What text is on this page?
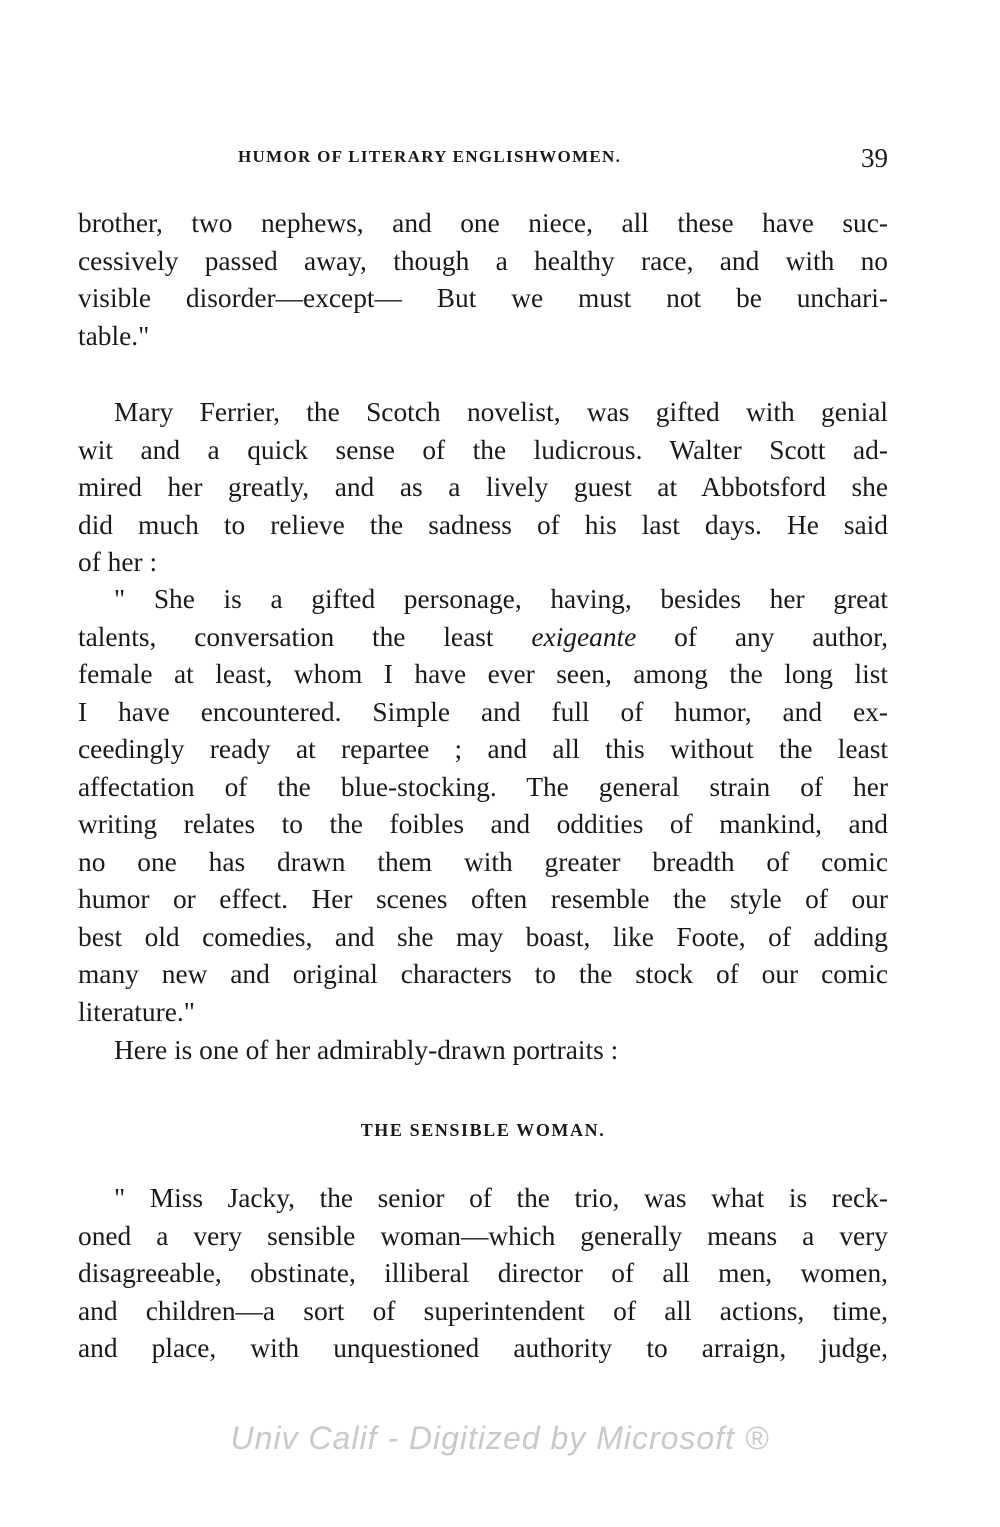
HUMOR OF LITERARY ENGLISHWOMEN.	39

brother, two nephews, and one niece, all these have suc-
cessively passed away, though a healthy race, and with no
visible disorder—except— But we must not be unchari-
table."

Mary Ferrier, the Scotch novelist, was gifted with genial
wit and a quick sense of the ludicrous. Walter Scott ad-
mired her greatly, and as a lively guest at Abbotsford she
did much to relieve the sadness of his last days. He said
of her :

" She is a gifted personage, having, besides her great
talents, conversation the least exigeante of any author,
female at least, whom I have ever seen, among the long list
I have encountered. Simple and full of humor, and ex-
ceedingly ready at repartee ; and all this without the least
affectation of the blue-stocking. The general strain of her
writing relates to the foibles and oddities of mankind, and
no one has drawn them with greater breadth of comic
humor or effect. Her scenes often resemble the style of our
best old comedies, and she may boast, like Foote, of adding
many new and original characters to the stock of our comic
literature."

Here is one of her admirably-drawn portraits :

THE SENSIBLE WOMAN.

" Miss Jacky, the senior of the trio, was what is reck-
oned a very sensible woman—which generally means a very
disagreeable, obstinate, illiberal director of all men, women,
and children—a sort of superintendent of all actions, time,
and place, with unquestioned authority to arraign, judge,

Univ Calif - Digitized by Microsoft ®
